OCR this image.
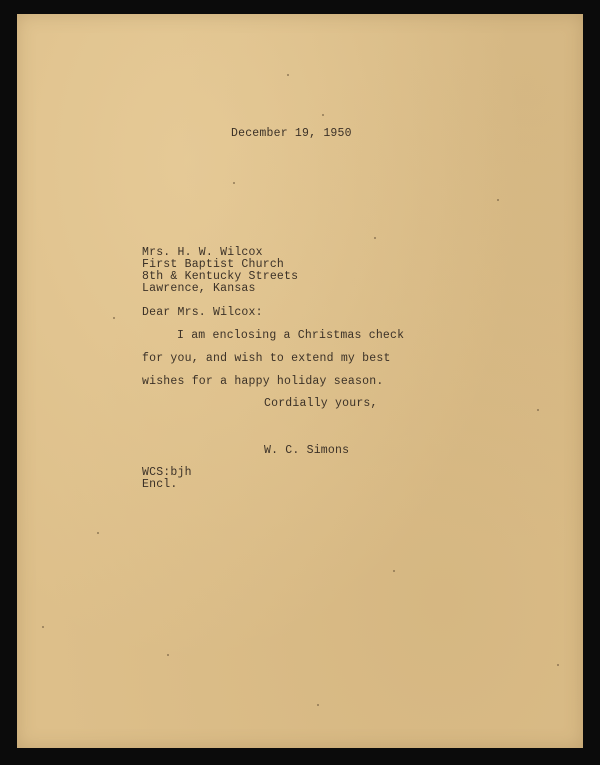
December 19, 1950

Mrs. H. W. Wilcox

First Baptist Church

8th & Kentucky Streets

Lawrence, Kansas

Dear Mrs. Wilcox:

I am enclosing a Christmas check

for you, and wish to extend my best

wishes for a happy holiday season.

Cordially yours,

W. C. Simons

WCS:bjh

Encl.
